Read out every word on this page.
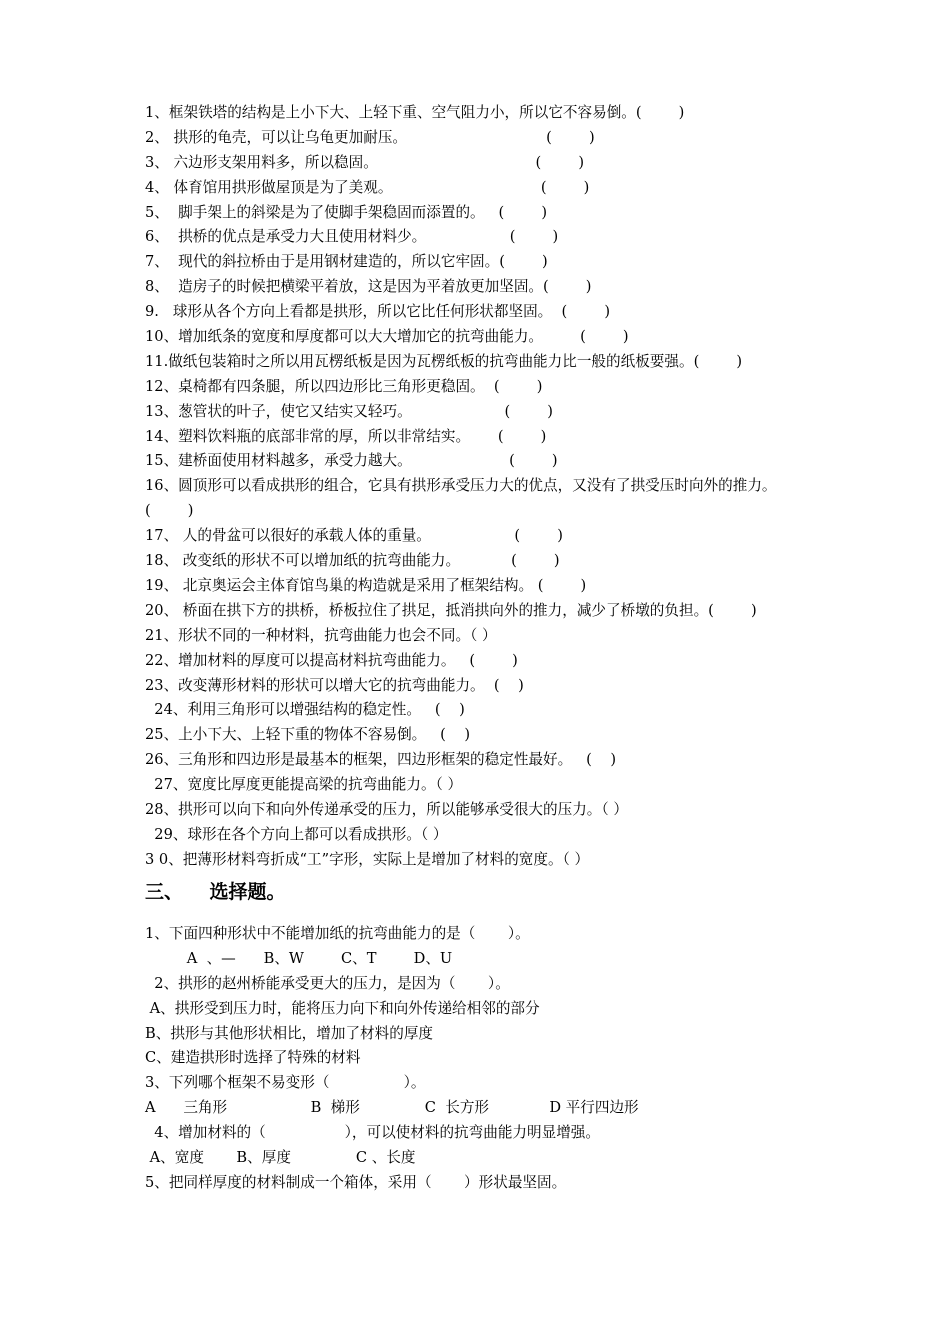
1、框架铁塔的结构是上小下大、上轻下重、空气阻力小，所以它不容易倒。(        )
2、 拱形的龟壳，可以让乌龟更加耐压。                              (        )
3、 六边形支架用料多，所以稳固。                                  (        )
4、 体育馆用拱形做屋顶是为了美观。                                (        )
5、  脚手架上的斜梁是为了使脚手架稳固而添置的。   (        )
6、  拱桥的优点是承受力大且使用材料少。                  (        )
7、  现代的斜拉桥由于是用钢材建造的，所以它牢固。(        )
8、  造房子的时候把横梁平着放，这是因为平着放更加坚固。(        )
9.   球形从各个方向上看都是拱形，所以它比任何形状都坚固。  (        )
10、增加纸条的宽度和厚度都可以大大增加它的抗弯曲能力。        (        )
11.做纸包装箱时之所以用瓦楞纸板是因为瓦楞纸板的抗弯曲能力比一般的纸板要强。(        )
12、桌椅都有四条腿，所以四边形比三角形更稳固。  (        )
13、葱管状的叶子，使它又结实又轻巧。                    (        )
14、塑料饮料瓶的底部非常的厚，所以非常结实。      (        )
15、建桥面使用材料越多，承受力越大。                     (        )
16、圆顶形可以看成拱形的组合，它具有拱形承受压力大的优点，又没有了拱受压时向外的推力。           (        )
17、 人的骨盆可以很好的承载人体的重量。                  (        )
18、 改变纸的形状不可以增加纸的抗弯曲能力。           (        )
19、 北京奥运会主体育馆鸟巢的构造就是采用了框架结构。 (        )
20、 桥面在拱下方的拱桥，桥板拉住了拱足，抵消拱向外的推力，减少了桥墩的负担。(        )
21、形状不同的一种材料，抗弯曲能力也会不同。（ ）
22、增加材料的厚度可以提高材料抗弯曲能力。   (        )
23、改变薄形材料的形状可以增大它的抗弯曲能力。  (    )
24、利用三角形可以增强结构的稳定性。   (    )
25、上小下大、上轻下重的物体不容易倒。   (    )
26、三角形和四边形是最基本的框架，四边形框架的稳定性最好。   (    )
27、宽度比厚度更能提高梁的抗弯曲能力。（ ）
28、拱形可以向下和向外传递承受的压力，所以能够承受很大的压力。（ ）
29、球形在各个方向上都可以看成拱形。（ ）
3 0、把薄形材料弯折成“工”字形，实际上是增加了材料的宽度。（ ）
三、    选择题。
1、下面四种形状中不能增加纸的抗弯曲能力的是（       ）。
A  、—      B、W        C、T        D、U
2、拱形的赵州桥能承受更大的压力，是因为（       ）。
A、拱形受到压力时，能将压力向下和向外传递给相邻的部分
B、拱形与其他形状相比，增加了材料的厚度
C、建造拱形时选择了特殊的材料
3、下列哪个框架不易变形（                ）。
A      三角形                  B  梯形              C  长方形             D 平行四边形
4、增加材料的（                 ），可以使材料的抗弯曲能力明显增强。
A、宽度       B、厚度              C 、长度
5、把同样厚度的材料制成一个箱体，采用（       ）形状最坚固。
